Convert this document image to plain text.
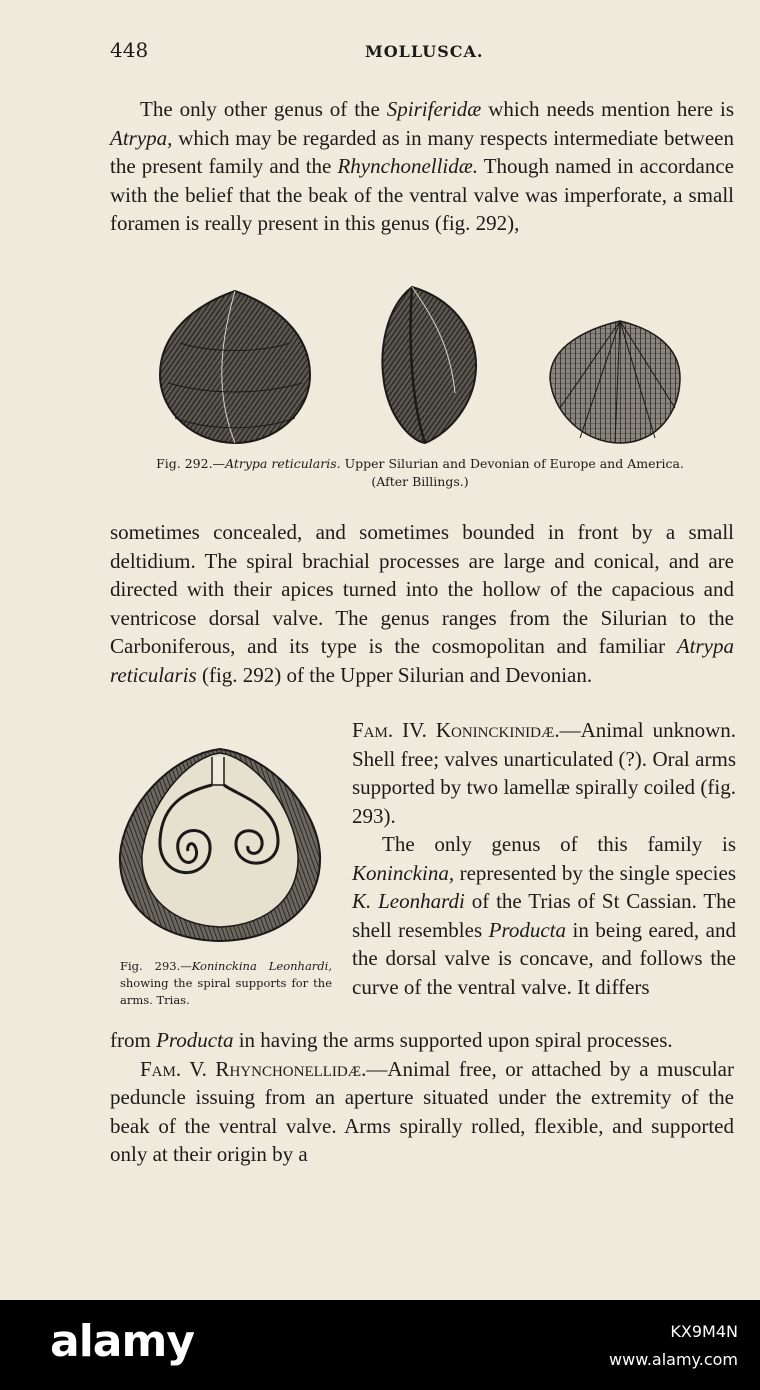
448	MOLLUSCA.

The only other genus of the Spiriferidæ which needs mention here is Atrypa, which may be regarded as in many respects intermediate between the present family and the Rhynchonellidæ. Though named in accordance with the belief that the beak of the ventral valve was imperforate, a small foramen is really present in this genus (fig. 292),

Fig. 292.—Atrypa reticularis. Upper Silurian and Devonian of Europe and America. (After Billings.)

sometimes concealed, and sometimes bounded in front by a small deltidium. The spiral brachial processes are large and conical, and are directed with their apices turned into the hollow of the capacious and ventricose dorsal valve. The genus ranges from the Silurian to the Carboniferous, and its type is the cosmopolitan and familiar Atrypa reticularis (fig. 292) of the Upper Silurian and Devonian.

Fam. IV. Koninckinidæ.—Animal unknown. Shell free; valves unarticulated (?). Oral arms supported by two lamellæ spirally coiled (fig. 293).
The only genus of this family is Koninckina, represented by the single species K. Leonhardi of the Trias of St Cassian. The shell resembles Producta in being eared, and the dorsal valve is concave, and follows the curve of the ventral valve. It differs

Fig. 293.—Koninckina Leonhardi, showing the spiral supports for the arms. Trias.

from Producta in having the arms supported upon spiral processes.
Fam. V. Rhynchonellidæ.—Animal free, or attached by a muscular peduncle issuing from an aperture situated under the extremity of the beak of the ventral valve. Arms spirally rolled, flexible, and supported only at their origin by a

alamy	KX9M4N
www.alamy.com
